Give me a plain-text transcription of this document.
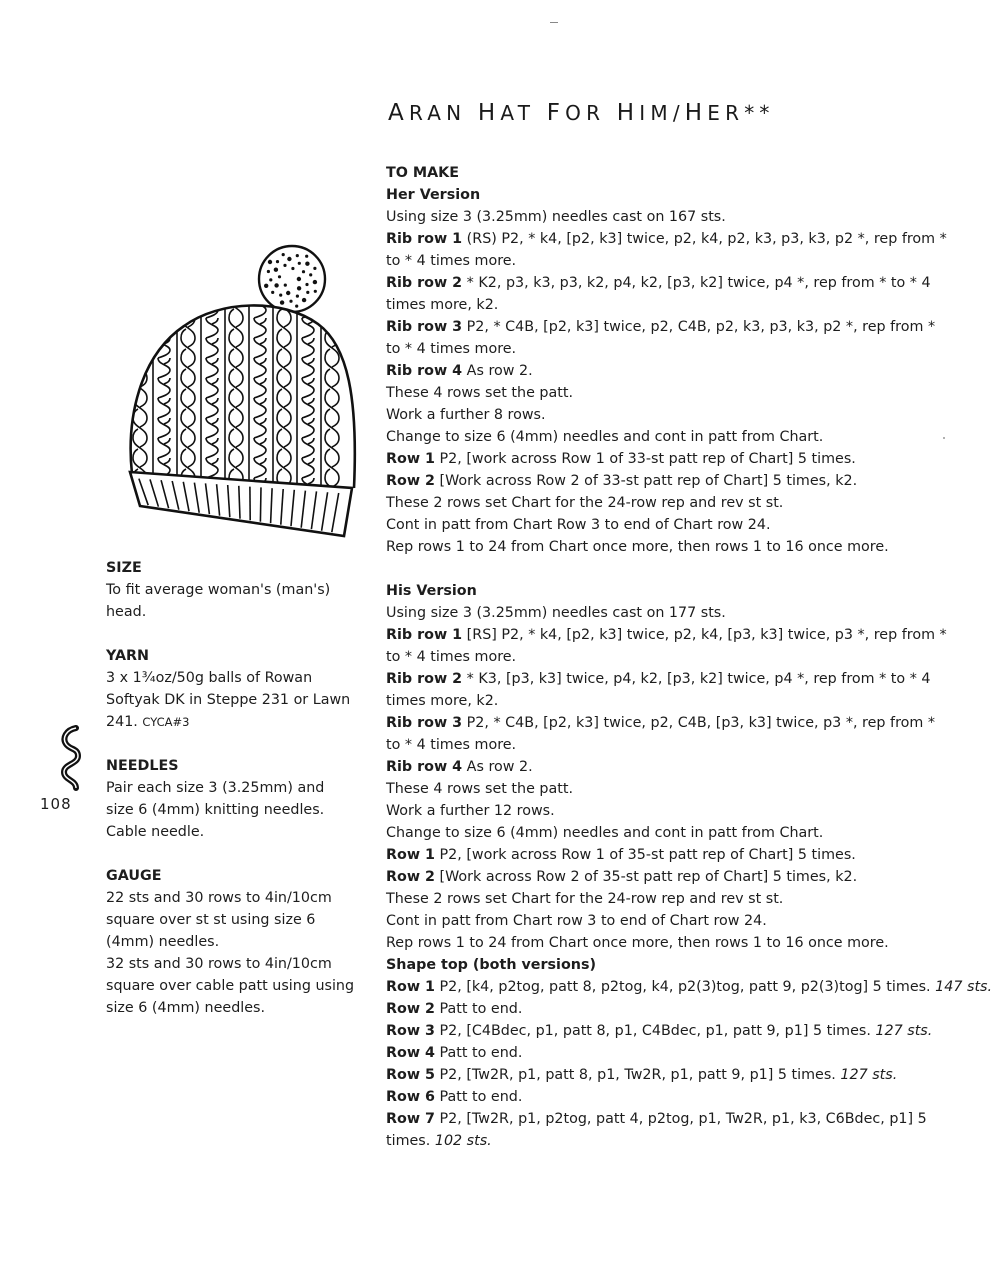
ARAN HAT FOR HIM/HER**
SIZE

To fit average woman's (man's) head.

YARN

3 x 1¾oz/50g balls of Rowan Softyak DK in Steppe 231 or Lawn 241. CYCA#3

NEEDLES

Pair each size 3 (3.25mm) and size 6 (4mm) knitting needles.

Cable needle.

GAUGE

22 sts and 30 rows to 4in/10cm square over st st using size 6 (4mm) needles.

32 sts and 30 rows to 4in/10cm square over cable patt using using size 6 (4mm) needles.

108

TO MAKE

Her Version

Using size 3 (3.25mm) needles cast on 167 sts.

Rib row 1 (RS) P2, * k4, [p2, k3] twice, p2, k4, p2, k3, p3, k3, p2 *, rep from *

to * 4 times more.

Rib row 2 * K2, p3, k3, p3, k2, p4, k2, [p3, k2] twice, p4 *, rep from * to * 4

times more, k2.

Rib row 3 P2, * C4B, [p2, k3] twice, p2, C4B, p2, k3, p3, k3, p2 *, rep from *

to * 4 times more.

Rib row 4 As row 2.

These 4 rows set the patt.

Work a further 8 rows.

Change to size 6 (4mm) needles and cont in patt from Chart.

Row 1 P2, [work across Row 1 of 33-st patt rep of Chart] 5 times.

Row 2 [Work across Row 2 of 33-st patt rep of Chart] 5 times, k2.

These 2 rows set Chart for the 24-row rep and rev st st.

Cont in patt from Chart Row 3 to end of Chart row 24.

Rep rows 1 to 24 from Chart once more, then rows 1 to 16 once more.

His Version

Using size 3 (3.25mm) needles cast on 177 sts.

Rib row 1 [RS] P2, * k4, [p2, k3] twice, p2, k4, [p3, k3] twice, p3 *, rep from *

to * 4 times more.

Rib row 2 * K3, [p3, k3] twice, p4, k2, [p3, k2] twice, p4 *, rep from * to * 4

times more, k2.

Rib row 3 P2, * C4B, [p2, k3] twice, p2, C4B, [p3, k3] twice, p3 *, rep from *

to * 4 times more.

Rib row 4 As row 2.

These 4 rows set the patt.

Work a further 12 rows.

Change to size 6 (4mm) needles and cont in patt from Chart.

Row 1 P2, [work across Row 1 of 35-st patt rep of Chart] 5 times.

Row 2 [Work across Row 2 of 35-st patt rep of Chart] 5 times, k2.

These 2 rows set Chart for the 24-row rep and rev st st.

Cont in patt from Chart row 3 to end of Chart row 24.

Rep rows 1 to 24 from Chart once more, then rows 1 to 16 once more.

Shape top (both versions)

Row 1 P2, [k4, p2tog, patt 8, p2tog, k4, p2(3)tog, patt 9, p2(3)tog] 5 times. 147 sts.

Row 2 Patt to end.

Row 3 P2, [C4Bdec, p1, patt 8, p1, C4Bdec, p1, patt 9, p1] 5 times. 127 sts.

Row 4 Patt to end.

Row 5 P2, [Tw2R, p1, patt 8, p1, Tw2R, p1, patt 9, p1] 5 times. 127 sts.

Row 6 Patt to end.

Row 7 P2, [Tw2R, p1, p2tog, patt 4, p2tog, p1, Tw2R, p1, k3, C6Bdec, p1] 5

times. 102 sts.
